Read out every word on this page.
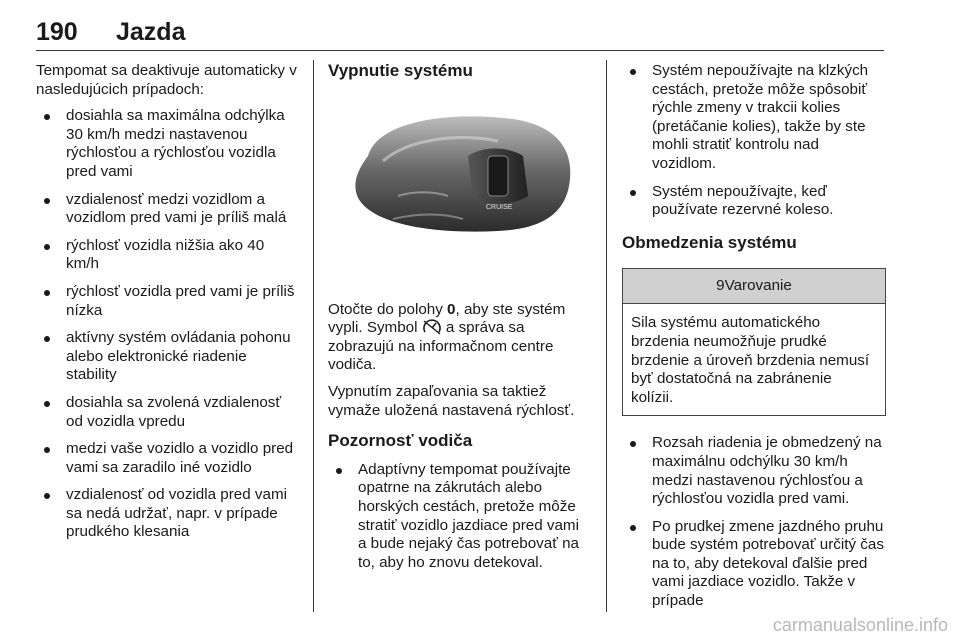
190 Jazda

Tempomat sa deaktivuje automaticky v nasledujúcich prípadoch:

dosiahla sa maximálna odchýlka 30 km/h medzi nastavenou rýchlosťou a rýchlosťou vozidla pred vami
vzdialenosť medzi vozidlom a vozidlom pred vami je príliš malá
rýchlosť vozidla nižšia ako 40 km/h
rýchlosť vozidla pred vami je príliš nízka
aktívny systém ovládania pohonu alebo elektronické riadenie stability
dosiahla sa zvolená vzdialenosť od vozidla vpredu
medzi vaše vozidlo a vozidlo pred vami sa zaradilo iné vozidlo
vzdialenosť od vozidla pred vami sa nedá udržať, napr. v prípade prudkého klesania
Vypnutie systému
CRUISE

Otočte do polohy 0, aby ste systém vypli. Symbol  a správa sa zobrazujú na informačnom centre vodiča.

Vypnutím zapaľovania sa taktiež vymaže uložená nastavená rýchlosť.

Pozornosť vodiča
Adaptívny tempomat používajte opatrne na zákrutách alebo horských cestách, pretože môže stratiť vozidlo jazdiace pred vami a bude nejaký čas potrebovať na to, aby ho znovu detekoval.
Systém nepoužívajte na klzkých cestách, pretože môže spôsobiť rýchle zmeny v trakcii kolies (pretáčanie kolies), takže by ste mohli stratiť kontrolu nad vozidlom.
Systém nepoužívajte, keď používate rezervné koleso.
Obmedzenia systému
9Varovanie
Sila systému automatického brzdenia neumožňuje prudké brzdenie a úroveň brzdenia nemusí byť dostatočná na zabránenie kolízii.
Rozsah riadenia je obmedzený na maximálnu odchýlku 30 km/h medzi nastavenou rýchlosťou a rýchlosťou vozidla pred vami.
Po prudkej zmene jazdného pruhu bude systém potrebovať určitý čas na to, aby detekoval ďalšie pred vami jazdiace vozidlo. Takže v prípade
carmanualsonline.info
